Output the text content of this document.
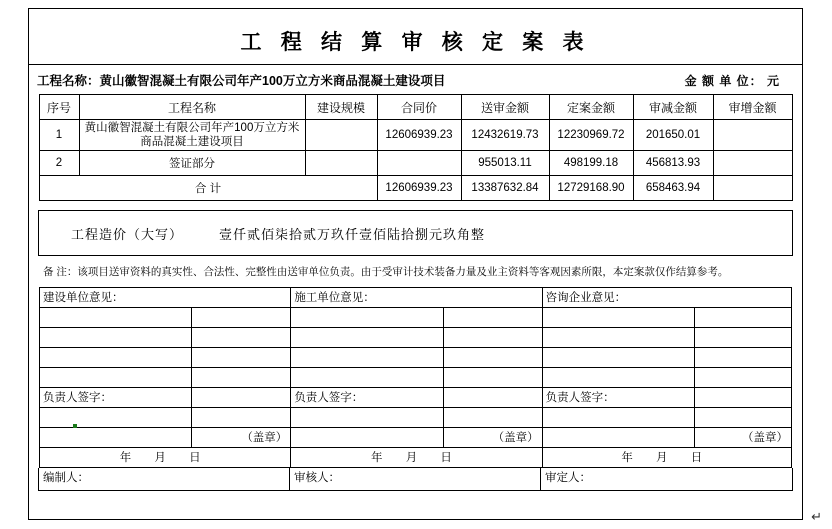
工 程 结 算 审 核 定 案 表
工程名称：黄山徽智混凝土有限公司年产100万立方米商品混凝土建设项目	金 额 单 位： 元
序号	工程名称	建设规模	合同价	送审金额	定案金额	审减金额	审增金额
1	黄山徽智混凝土有限公司年产100万立方米商品混凝土建设项目		12606939.23	12432619.73	12230969.72	201650.01	
2	签证部分			955013.11	498199.18	456813.93	
合 计			12606939.23	13387632.84	12729168.90	658463.94	
工程造价（大写）	壹仟贰佰柒拾贰万玖仟壹佰陆拾捌元玖角整
备 注：该项目送审资料的真实性、合法性、完整性由送审单位负责。由于受审计技术装备力量及业主资料等客观因素所限，本定案款仅作结算参考。
建设单位意见：		施工单位意见：		咨询企业意见：	

负责人签字：		负责人签字：		负责人签字：	

	（盖章）		（盖章）		（盖章）
年 月 日		年 月 日		年 月 日	
编制人：	审核人：	审定人：
↵
